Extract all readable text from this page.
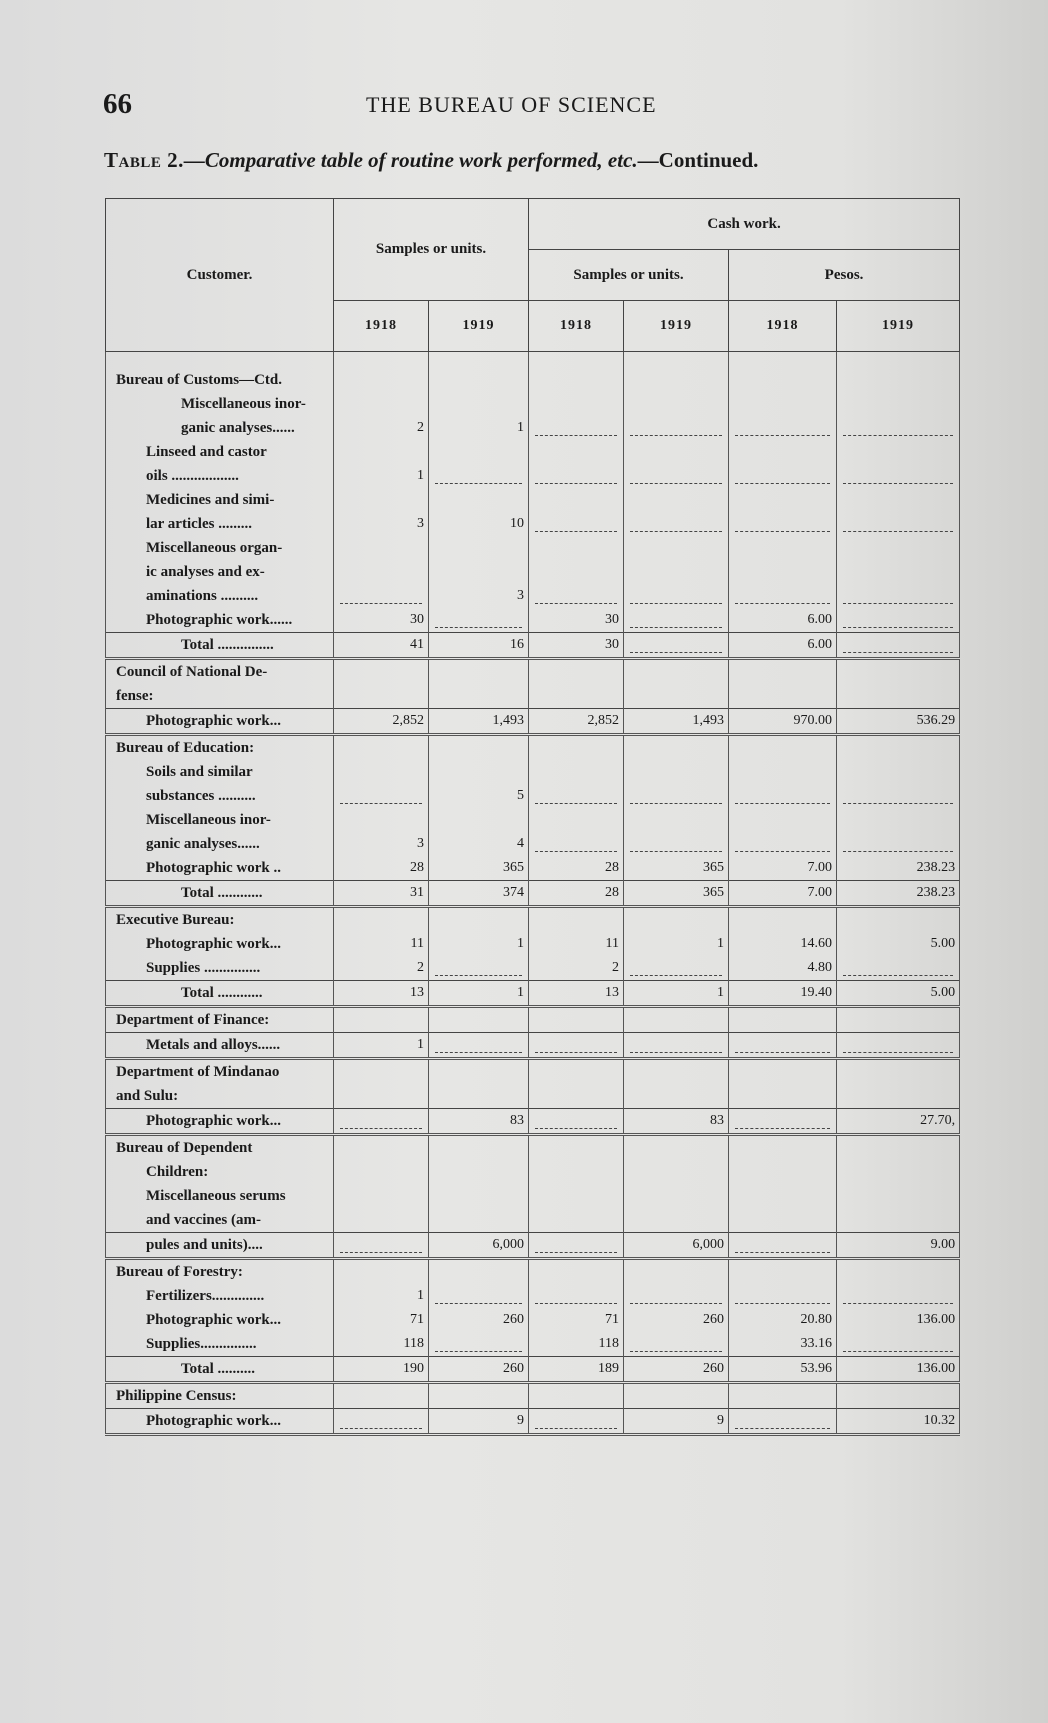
66	THE BUREAU OF SCIENCE
Table 2.—Comparative table of routine work performed, etc.—Continued.
Customer.	Samples or units.		Cash work.			
			Samples or units.		Pesos.	
	1918	1919	1918	1919	1918	1919
Bureau of Customs—Ctd.						
Miscellaneous inor-						
ganic analyses......	2	1	

Linseed and castor						
oils ..................	1	

Medicines and simi-						
lar articles .........	3	10	

Miscellaneous organ-						
ic analyses and ex-						
aminations ..........		3	

Photographic work......	30		30		6.00	

Total ...............	41	16	30		6.00	

Council of National De-						
fense:						
Photographic work...	2,852	1,493	2,852	1,493	970.00	536.29
Bureau of Education:						
Soils and similar						
substances ..........		5	

Miscellaneous inor-						
ganic analyses......	3	4	

Photographic work ..	28	365	28	365	7.00	238.23
Total ............	31	374	28	365	7.00	238.23
Executive Bureau:						
Photographic work...	11	1	11	1	14.60	5.00
Supplies ...............	2		2		4.80	

Total ............	13	1	13	1	19.40	5.00
Department of Finance:						
Metals and alloys......	1	

Department of Mindanao						
and Sulu:						
Photographic work...		83		83		27.70,
Bureau of Dependent						
Children:						
Miscellaneous serums						
and vaccines (am-						
pules and units)....		6,000		6,000		9.00
Bureau of Forestry:						
Fertilizers..............	1	

Photographic work...	71	260	71	260	20.80	136.00
Supplies...............	118		118		33.16	

Total ..........	190	260	189	260	53.96	136.00
Philippine Census:						
Photographic work...		9		9		10.32
